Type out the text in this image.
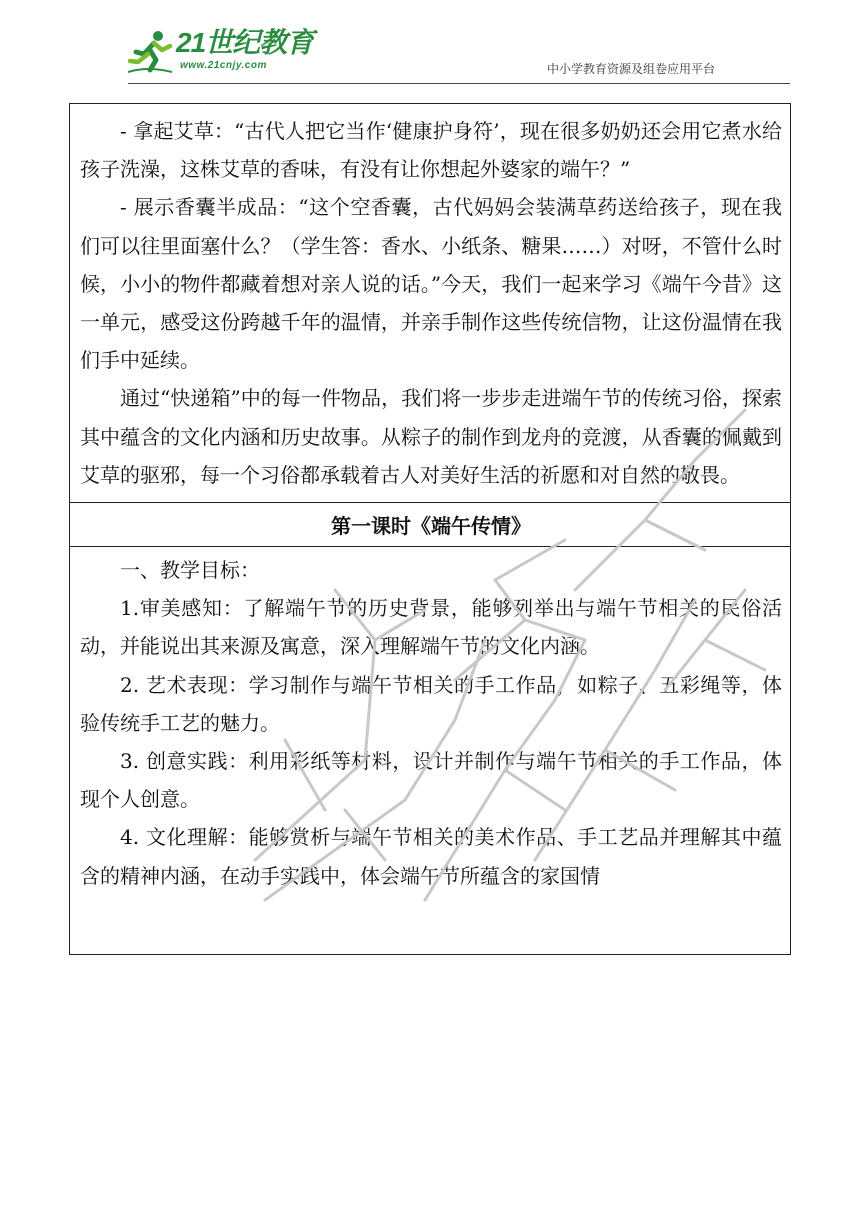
21世纪教育
www.21cnjy.com	中小学教育资源及组卷应用平台

- 拿起艾草：“古代人把它当作‘健康护身符’，现在很多奶奶还会用它煮水给孩子洗澡，这株艾草的香味，有没有让你想起外婆家的端午？”

- 展示香囊半成品：“这个空香囊，古代妈妈会装满草药送给孩子，现在我们可以往里面塞什么？（学生答：香水、小纸条、糖果……）对呀，不管什么时候，小小的物件都藏着想对亲人说的话。”今天，我们一起来学习《端午今昔》这一单元，感受这份跨越千年的温情，并亲手制作这些传统信物，让这份温情在我们手中延续。

通过“快递箱”中的每一件物品，我们将一步步走进端午节的传统习俗，探索其中蕴含的文化内涵和历史故事。从粽子的制作到龙舟的竞渡，从香囊的佩戴到艾草的驱邪，每一个习俗都承载着古人对美好生活的祈愿和对自然的敬畏。

第一课时《端午传情》

一、教学目标：

1.审美感知：了解端午节的历史背景，能够列举出与端午节相关的民俗活动，并能说出其来源及寓意，深入理解端午节的文化内涵。

2. 艺术表现：学习制作与端午节相关的手工作品，如粽子、五彩绳等，体验传统手工艺的魅力。

3. 创意实践：利用彩纸等材料，设计并制作与端午节相关的手工作品，体现个人创意。

4. 文化理解：能够赏析与端午节相关的美术作品、手工艺品并理解其中蕴含的精神内涵，在动手实践中，体会端午节所蕴含的家国情
